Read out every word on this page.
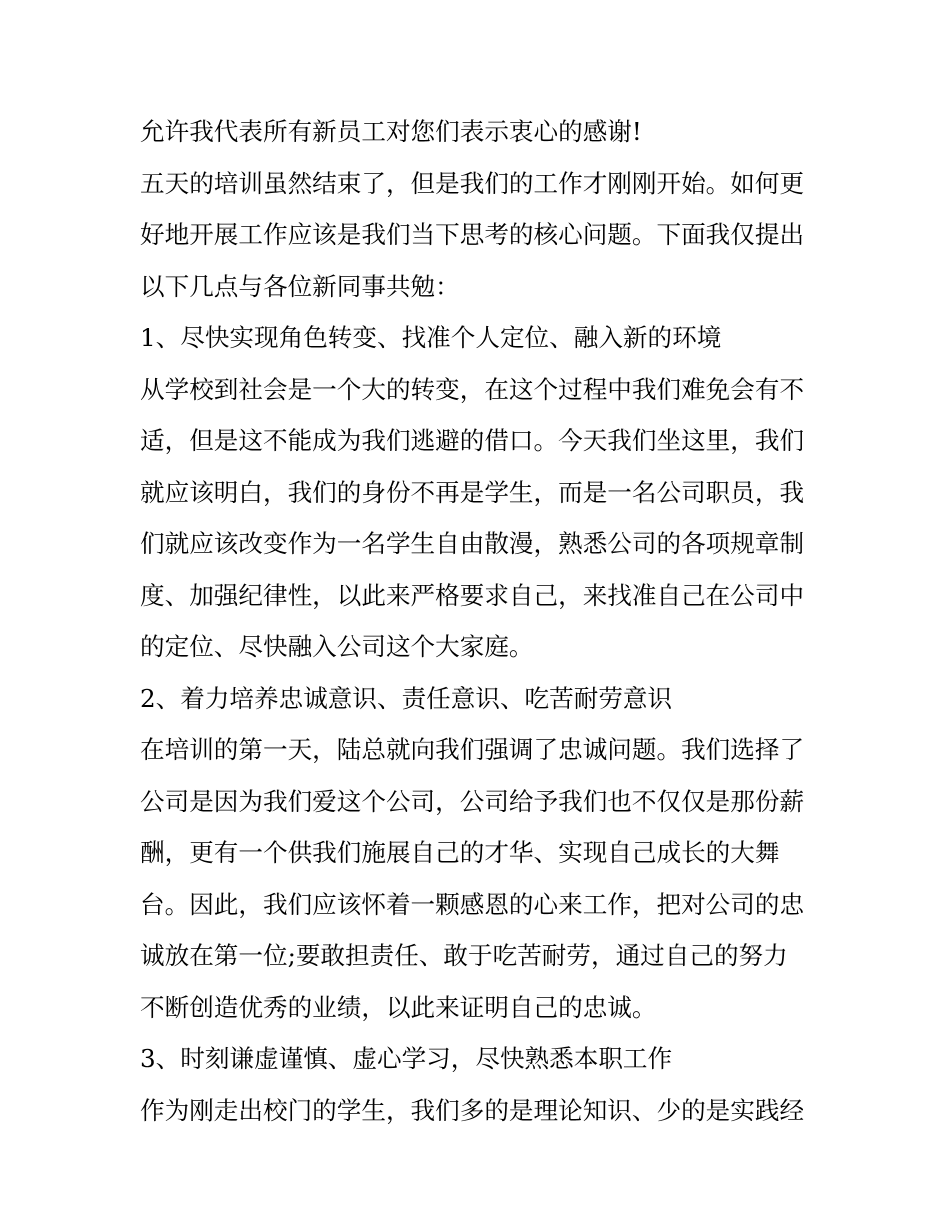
允许我代表所有新员工对您们表示衷心的感谢!
五天的培训虽然结束了，但是我们的工作才刚刚开始。如何更
好地开展工作应该是我们当下思考的核心问题。下面我仅提出
以下几点与各位新同事共勉：
1、尽快实现角色转变、找准个人定位、融入新的环境
从学校到社会是一个大的转变，在这个过程中我们难免会有不
适，但是这不能成为我们逃避的借口。今天我们坐这里，我们
就应该明白，我们的身份不再是学生，而是一名公司职员，我
们就应该改变作为一名学生自由散漫，熟悉公司的各项规章制
度、加强纪律性，以此来严格要求自己，来找准自己在公司中
的定位、尽快融入公司这个大家庭。
2、着力培养忠诚意识、责任意识、吃苦耐劳意识
在培训的第一天，陆总就向我们强调了忠诚问题。我们选择了
公司是因为我们爱这个公司，公司给予我们也不仅仅是那份薪
酬，更有一个供我们施展自己的才华、实现自己成长的大舞
台。因此，我们应该怀着一颗感恩的心来工作，把对公司的忠
诚放在第一位;要敢担责任、敢于吃苦耐劳，通过自己的努力
不断创造优秀的业绩，以此来证明自己的忠诚。
3、时刻谦虚谨慎、虚心学习，尽快熟悉本职工作
作为刚走出校门的学生，我们多的是理论知识、少的是实践经
